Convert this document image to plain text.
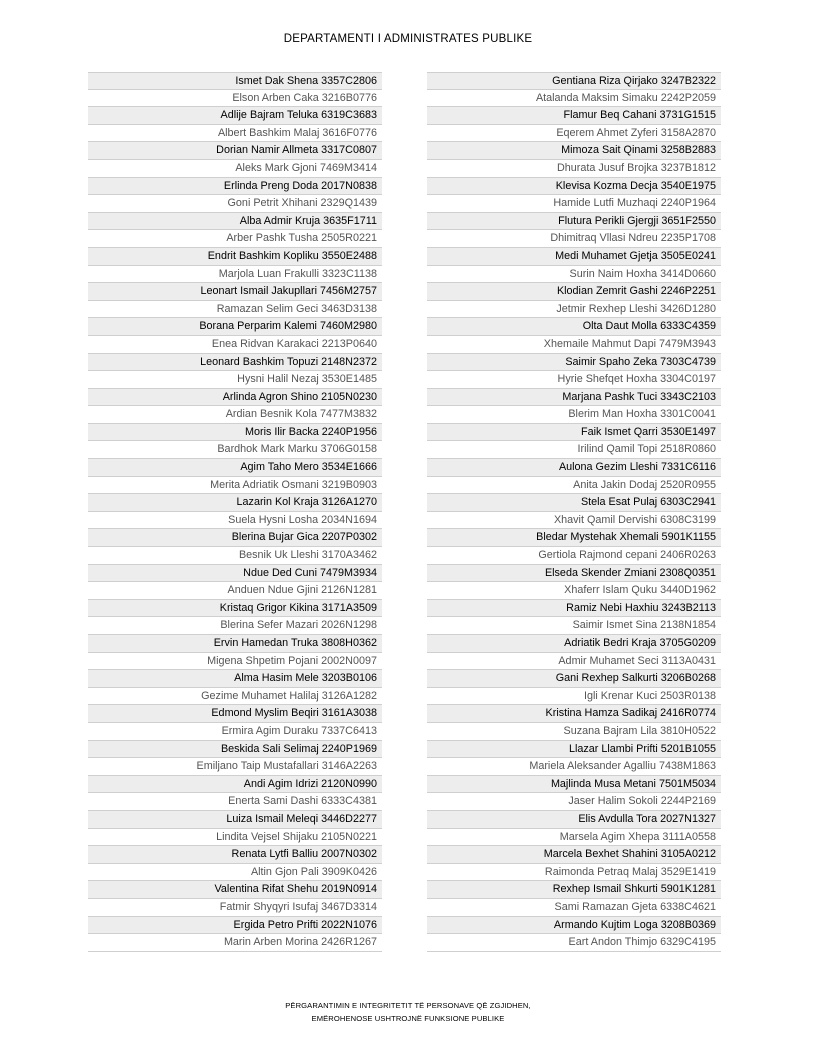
DEPARTAMENTI I ADMINISTRATES PUBLIKE
Ismet Dak Shena 3357C2806
Elson Arben Caka 3216B0776
Adlije Bajram Teluka 6319C3683
Albert Bashkim Malaj 3616F0776
Dorian Namir Allmeta 3317C0807
Aleks Mark Gjoni 7469M3414
Erlinda Preng Doda 2017N0838
Goni Petrit Xhihani 2329Q1439
Alba Admir Kruja 3635F1711
Arber Pashk Tusha 2505R0221
Endrit Bashkim Kopliku 3550E2488
Marjola Luan Frakulli 3323C1138
Leonart Ismail Jakupllari 7456M2757
Ramazan Selim Geci 3463D3138
Borana Perparim Kalemi 7460M2980
Enea Ridvan Karakaci 2213P0640
Leonard Bashkim Topuzi 2148N2372
Hysni Halil Nezaj 3530E1485
Arlinda Agron Shino 2105N0230
Ardian Besnik Kola 7477M3832
Moris Ilir Backa 2240P1956
Bardhok Mark Marku 3706G0158
Agim Taho Mero 3534E1666
Merita Adriatik Osmani 3219B0903
Lazarin Kol Kraja 3126A1270
Suela Hysni Losha 2034N1694
Blerina Bujar Gica 2207P0302
Besnik Uk Lleshi 3170A3462
Ndue Ded Cuni 7479M3934
Anduen Ndue Gjini 2126N1281
Kristaq Grigor Kikina 3171A3509
Blerina Sefer Mazari 2026N1298
Ervin Hamedan Truka 3808H0362
Migena Shpetim Pojani 2002N0097
Alma Hasim Mele 3203B0106
Gezime Muhamet Halilaj 3126A1282
Edmond Myslim Beqiri 3161A3038
Ermira Agim Duraku 7337C6413
Beskida Sali Selimaj 2240P1969
Emiljano Taip Mustafallari 3146A2263
Andi Agim Idrizi 2120N0990
Enerta Sami Dashi 6333C4381
Luiza Ismail Meleqi 3446D2277
Lindita Vejsel Shijaku 2105N0221
Renata Lytfi Balliu 2007N0302
Altin Gjon Pali 3909K0426
Valentina Rifat Shehu 2019N0914
Fatmir Shyqyri Isufaj 3467D3314
Ergida Petro Prifti 2022N1076
Marin Arben Morina 2426R1267
Gentiana Riza Qirjako 3247B2322
Atalanda Maksim Simaku 2242P2059
Flamur Beq Cahani 3731G1515
Eqerem Ahmet Zyferi 3158A2870
Mimoza Sait Qinami 3258B2883
Dhurata Jusuf Brojka 3237B1812
Klevisa Kozma Decja 3540E1975
Hamide Lutfi Muzhaqi 2240P1964
Flutura Perikli Gjergji 3651F2550
Dhimitraq Vllasi Ndreu 2235P1708
Medi Muhamet Gjetja 3505E0241
Surin Naim Hoxha 3414D0660
Klodian Zemrit Gashi 2246P2251
Jetmir Rexhep Lleshi 3426D1280
Olta Daut Molla 6333C4359
Xhemaile Mahmut Dapi 7479M3943
Saimir Spaho Zeka 7303C4739
Hyrie Shefqet Hoxha 3304C0197
Marjana Pashk Tuci 3343C2103
Blerim Man Hoxha 3301C0041
Faik Ismet Qarri 3530E1497
Irilind Qamil Topi 2518R0860
Aulona Gezim Lleshi 7331C6116
Anita Jakin Dodaj 2520R0955
Stela Esat Pulaj 6303C2941
Xhavit Qamil Dervishi 6308C3199
Bledar Mystehak Xhemali 5901K1155
Gertiola Rajmond cepani 2406R0263
Elseda Skender Zmiani 2308Q0351
Xhaferr Islam Quku 3440D1962
Ramiz Nebi Haxhiu 3243B2113
Saimir Ismet Sina 2138N1854
Adriatik Bedri Kraja 3705G0209
Admir Muhamet Seci 3113A0431
Gani Rexhep Salkurti 3206B0268
Igli Krenar Kuci 2503R0138
Kristina Hamza Sadikaj 2416R0774
Suzana Bajram Lila 3810H0522
Llazar Llambi Prifti 5201B1055
Mariela Aleksander Agalliu 7438M1863
Majlinda Musa Metani 7501M5034
Jaser Halim Sokoli 2244P2169
Elis Avdulla Tora 2027N1327
Marsela Agim Xhepa 3111A0558
Marcela Bexhet Shahini 3105A0212
Raimonda Petraq Malaj 3529E1419
Rexhep Ismail Shkurti 5901K1281
Sami Ramazan Gjeta 6338C4621
Armando Kujtim Loga 3208B0369
Eart Andon Thimjo 6329C4195
PËRGARANTIMIN E INTEGRITETIT TË PERSONAVE QË ZGJIDHEN,
EMËROHENOSE USHTROJNË FUNKSIONE PUBLIKE
